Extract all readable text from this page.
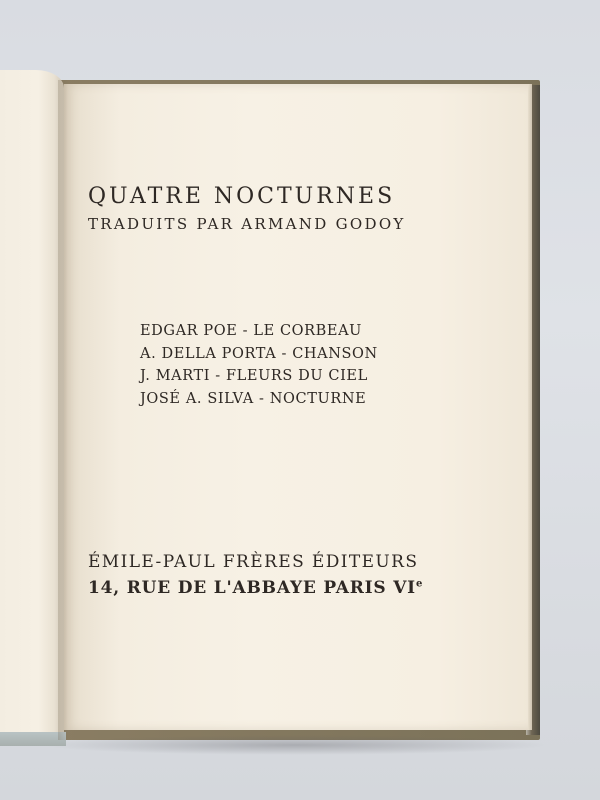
QUATRE NOCTURNES
TRADUITS PAR ARMAND GODOY
EDGAR POE - LE CORBEAU
A. DELLA PORTA - CHANSON
J. MARTI - FLEURS DU CIEL
JOSÉ A. SILVA - NOCTURNE
ÉMILE-PAUL FRÈRES ÉDITEURS
14, RUE DE L'ABBAYE PARIS VIe
